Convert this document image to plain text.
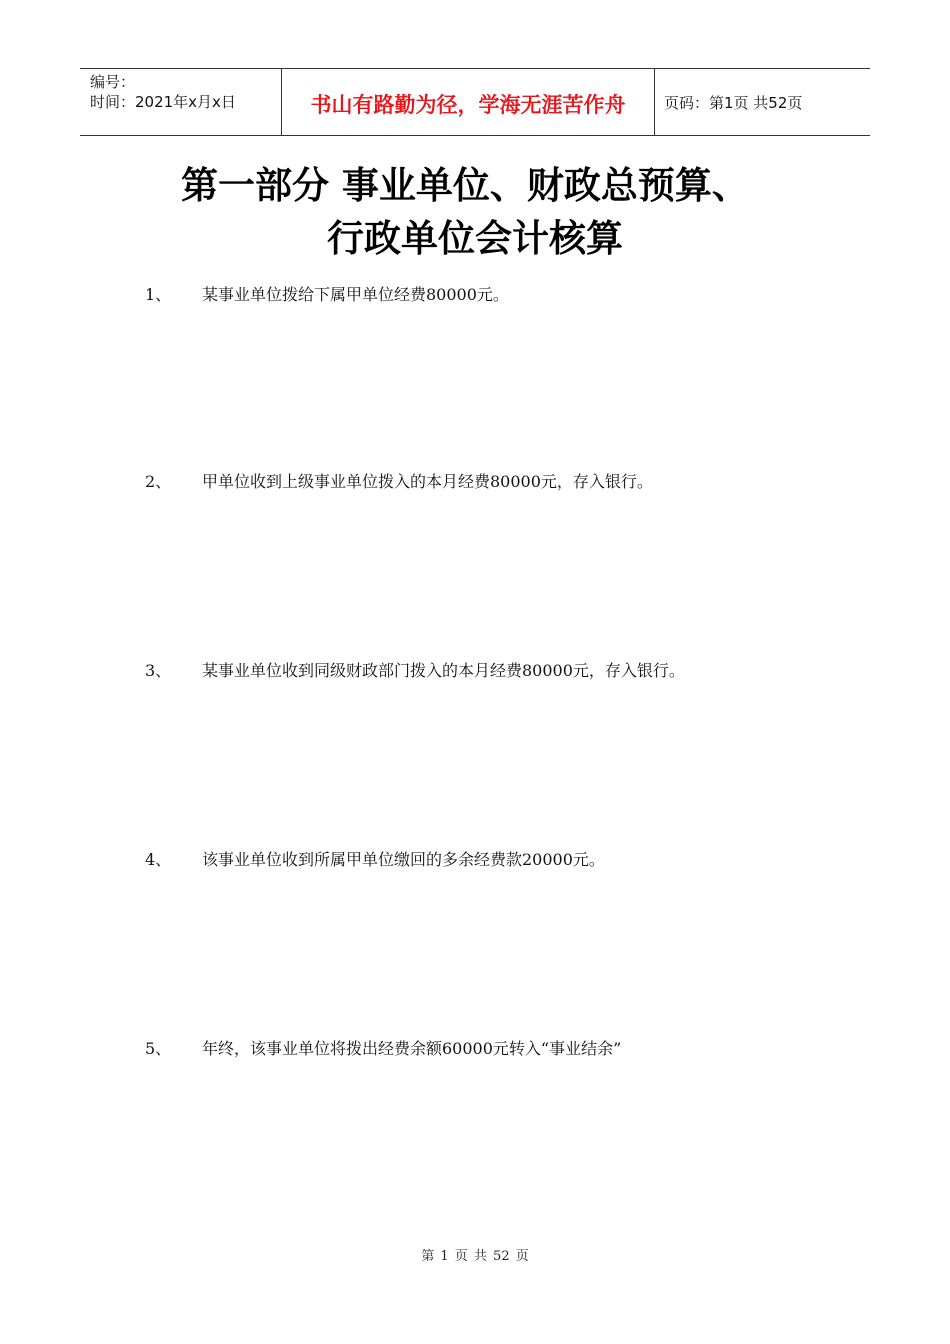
编号：
时间：2021年x月x日	书山有路勤为径，学海无涯苦作舟	页码：第1页 共52页
第一部分 事业单位、财政总预算、
行政单位会计核算
1、 某事业单位拨给下属甲单位经费80000元。
2、 甲单位收到上级事业单位拨入的本月经费80000元，存入银行。
3、 某事业单位收到同级财政部门拨入的本月经费80000元，存入银行。
4、 该事业单位收到所属甲单位缴回的多余经费款20000元。
5、 年终，该事业单位将拨出经费余额60000元转入“事业结余”
第 1 页 共 52 页
